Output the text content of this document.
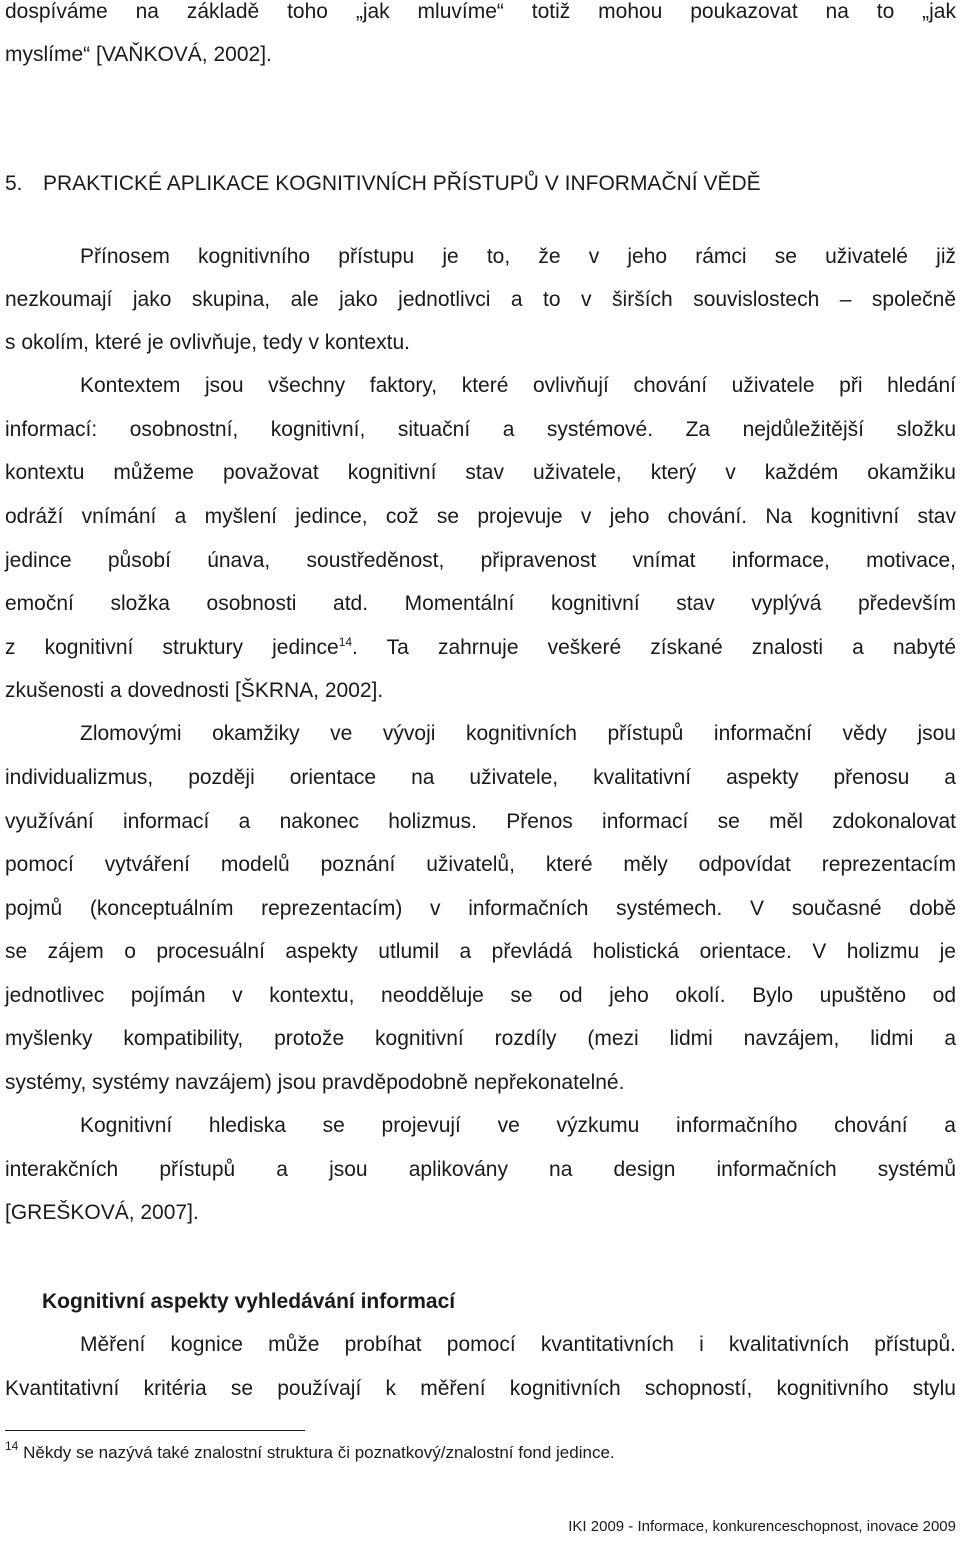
dospíváme na základě toho „jak mluvíme“ totiž mohou poukazovat na to „jak
myslíme“ [VAŇKOVÁ, 2002].
5. PRAKTICKÉ APLIKACE KOGNITIVNÍCH PŘÍSTUPŮ V INFORMAČNÍ VĚDĚ
Přínosem kognitivního přístupu je to, že v jeho rámci se uživatelé již
nezkoumají jako skupina, ale jako jednotlivci a to v širších souvislostech – společně
s okolím, které je ovlivňuje, tedy v kontextu.
Kontextem jsou všechny faktory, které ovlivňují chování uživatele při hledání
informací: osobnostní, kognitivní, situační a systémové. Za nejdůležitější složku
kontextu můžeme považovat kognitivní stav uživatele, který v každém okamžiku
odráží vnímání a myšlení jedince, což se projevuje v jeho chování. Na kognitivní stav
jedince působí únava, soustředěnost, připravenost vnímat informace, motivace,
emoční složka osobnosti atd. Momentální kognitivní stav vyplývá především
z kognitivní struktury jedince$^{14}$. Ta zahrnuje veškeré získané znalosti a nabyté
zkušenosti a dovednosti [ŠKRNA, 2002].
Zlomovými okamžiky ve vývoji kognitivních přístupů informační vědy jsou
individualizmus, později orientace na uživatele, kvalitativní aspekty přenosu a
využívání informací a nakonec holizmus. Přenos informací se měl zdokonalovat
pomocí vytváření modelů poznání uživatelů, které měly odpovídat reprezentacím
pojmů (konceptuálním reprezentacím) v informačních systémech. V současné době
se zájem o procesuální aspekty utlumil a převládá holistická orientace. V holizmu je
jednotlivec pojímán v kontextu, neodděluje se od jeho okolí. Bylo upuštěno od
myšlenky kompatibility, protože kognitivní rozdíly (mezi lidmi navzájem, lidmi a
systémy, systémy navzájem) jsou pravděpodobně nepřekonatelné.
Kognitivní hlediska se projevují ve výzkumu informačního chování a
interakčních přístupů a jsou aplikovány na design informačních systémů
[GREŠKOVÁ, 2007].
Kognitivní aspekty vyhledávání informací
Měření kognice může probíhat pomocí kvantitativních i kvalitativních přístupů.
Kvantitativní kritéria se používají k měření kognitivních schopností, kognitivního stylu
$^{14}$ Někdy se nazývá také znalostní struktura či poznatkový/znalostní fond jedince.
IKI 2009 - Informace, konkurenceschopnost, inovace 2009
